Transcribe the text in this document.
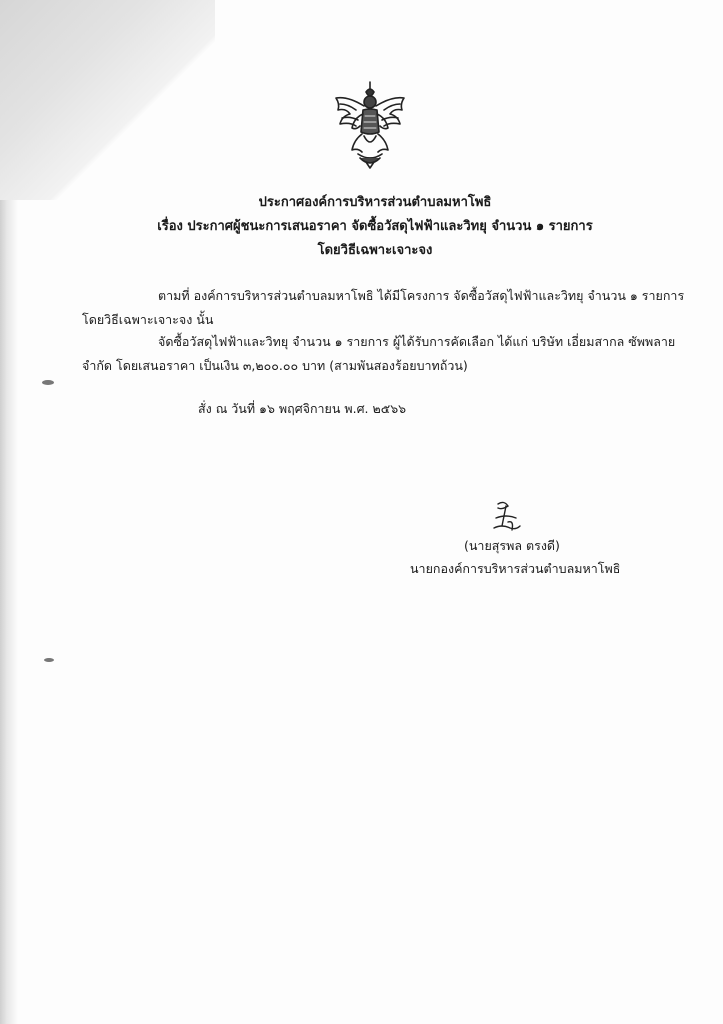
ประกาศองค์การบริหารส่วนตำบลมหาโพธิ
เรื่อง ประกาศผู้ชนะการเสนอราคา จัดซื้อวัสดุไฟฟ้าและวิทยุ จำนวน ๑ รายการ
โดยวิธีเฉพาะเจาะจง
ตามที่ องค์การบริหารส่วนตำบลมหาโพธิ ได้มีโครงการ จัดซื้อวัสดุไฟฟ้าและวิทยุ จำนวน ๑ รายการ
โดยวิธีเฉพาะเจาะจง นั้น
จัดซื้อวัสดุไฟฟ้าและวิทยุ จำนวน ๑ รายการ ผู้ได้รับการคัดเลือก ได้แก่ บริษัท เอี่ยมสากล ซัพพลาย
จำกัด โดยเสนอราคา เป็นเงิน ๓,๒๐๐.๐๐ บาท (สามพันสองร้อยบาทถ้วน)
สั่ง ณ วันที่ ๑๖ พฤศจิกายน พ.ศ. ๒๕๖๖
(นายสุรพล ตรงดี)
นายกองค์การบริหารส่วนตำบลมหาโพธิ
